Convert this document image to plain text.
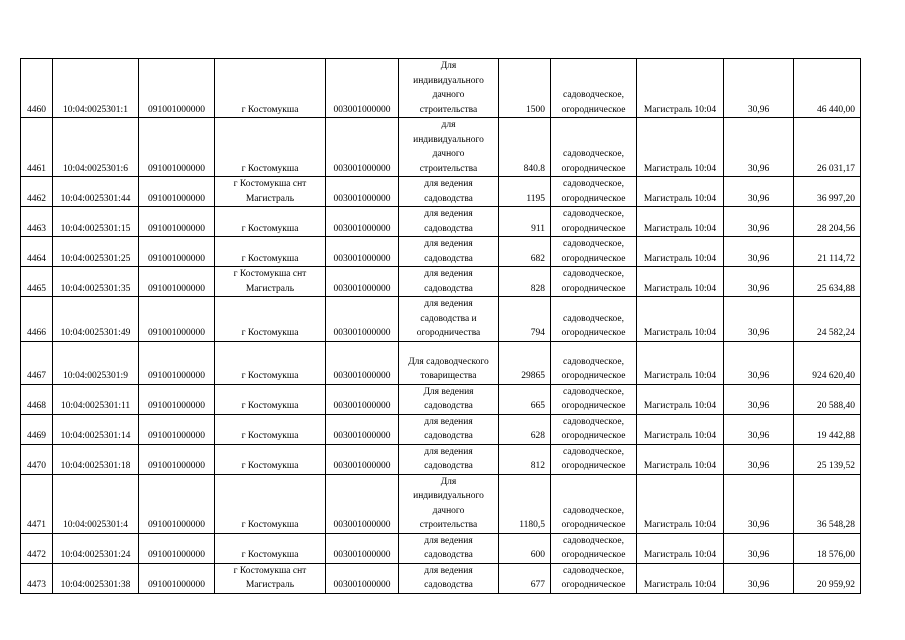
4460	10:04:0025301:1	091001000000	г Костомукша	003001000000	Для
индивидуального
дачного
строительства	1500	садоводческое,
огородническое	Магистраль 10:04	30,96	46 440,00
4461	10:04:0025301:6	091001000000	г Костомукша	003001000000	для
индивидуального
дачного
строительства	840.8	садоводческое,
огородническое	Магистраль 10:04	30,96	26 031,17
4462	10:04:0025301:44	091001000000	г Костомукша снт
Магистраль	003001000000	для ведения
садоводства	1195	садоводческое,
огородническое	Магистраль 10:04	30,96	36 997,20
4463	10:04:0025301:15	091001000000	г Костомукша	003001000000	для ведения
садоводства	911	садоводческое,
огородническое	Магистраль 10:04	30,96	28 204,56
4464	10:04:0025301:25	091001000000	г Костомукша	003001000000	для ведения
садоводства	682	садоводческое,
огородническое	Магистраль 10:04	30,96	21 114,72
4465	10:04:0025301:35	091001000000	г Костомукша снт
Магистраль	003001000000	для ведения
садоводства	828	садоводческое,
огородническое	Магистраль 10:04	30,96	25 634,88
4466	10:04:0025301:49	091001000000	г Костомукша	003001000000	для ведения
садоводства и
огородничества	794	садоводческое,
огородническое	Магистраль 10:04	30,96	24 582,24
4467	10:04:0025301:9	091001000000	г Костомукша	003001000000	Для садоводческого
товарищества	29865	садоводческое,
огородническое	Магистраль 10:04	30,96	924 620,40
4468	10:04:0025301:11	091001000000	г Костомукша	003001000000	Для ведения
садоводства	665	садоводческое,
огородническое	Магистраль 10:04	30,96	20 588,40
4469	10:04:0025301:14	091001000000	г Костомукша	003001000000	для ведения
садоводства	628	садоводческое,
огородническое	Магистраль 10:04	30,96	19 442,88
4470	10:04:0025301:18	091001000000	г Костомукша	003001000000	для ведения
садоводства	812	садоводческое,
огородническое	Магистраль 10:04	30,96	25 139,52
4471	10:04:0025301:4	091001000000	г Костомукша	003001000000	Для
индивидуального
дачного
строительства	1180,5	садоводческое,
огородническое	Магистраль 10:04	30,96	36 548,28
4472	10:04:0025301:24	091001000000	г Костомукша	003001000000	для ведения
садоводства	600	садоводческое,
огородническое	Магистраль 10:04	30,96	18 576,00
4473	10:04:0025301:38	091001000000	г Костомукша снт
Магистраль	003001000000	для ведения
садоводства	677	садоводческое,
огородническое	Магистраль 10:04	30,96	20 959,92
